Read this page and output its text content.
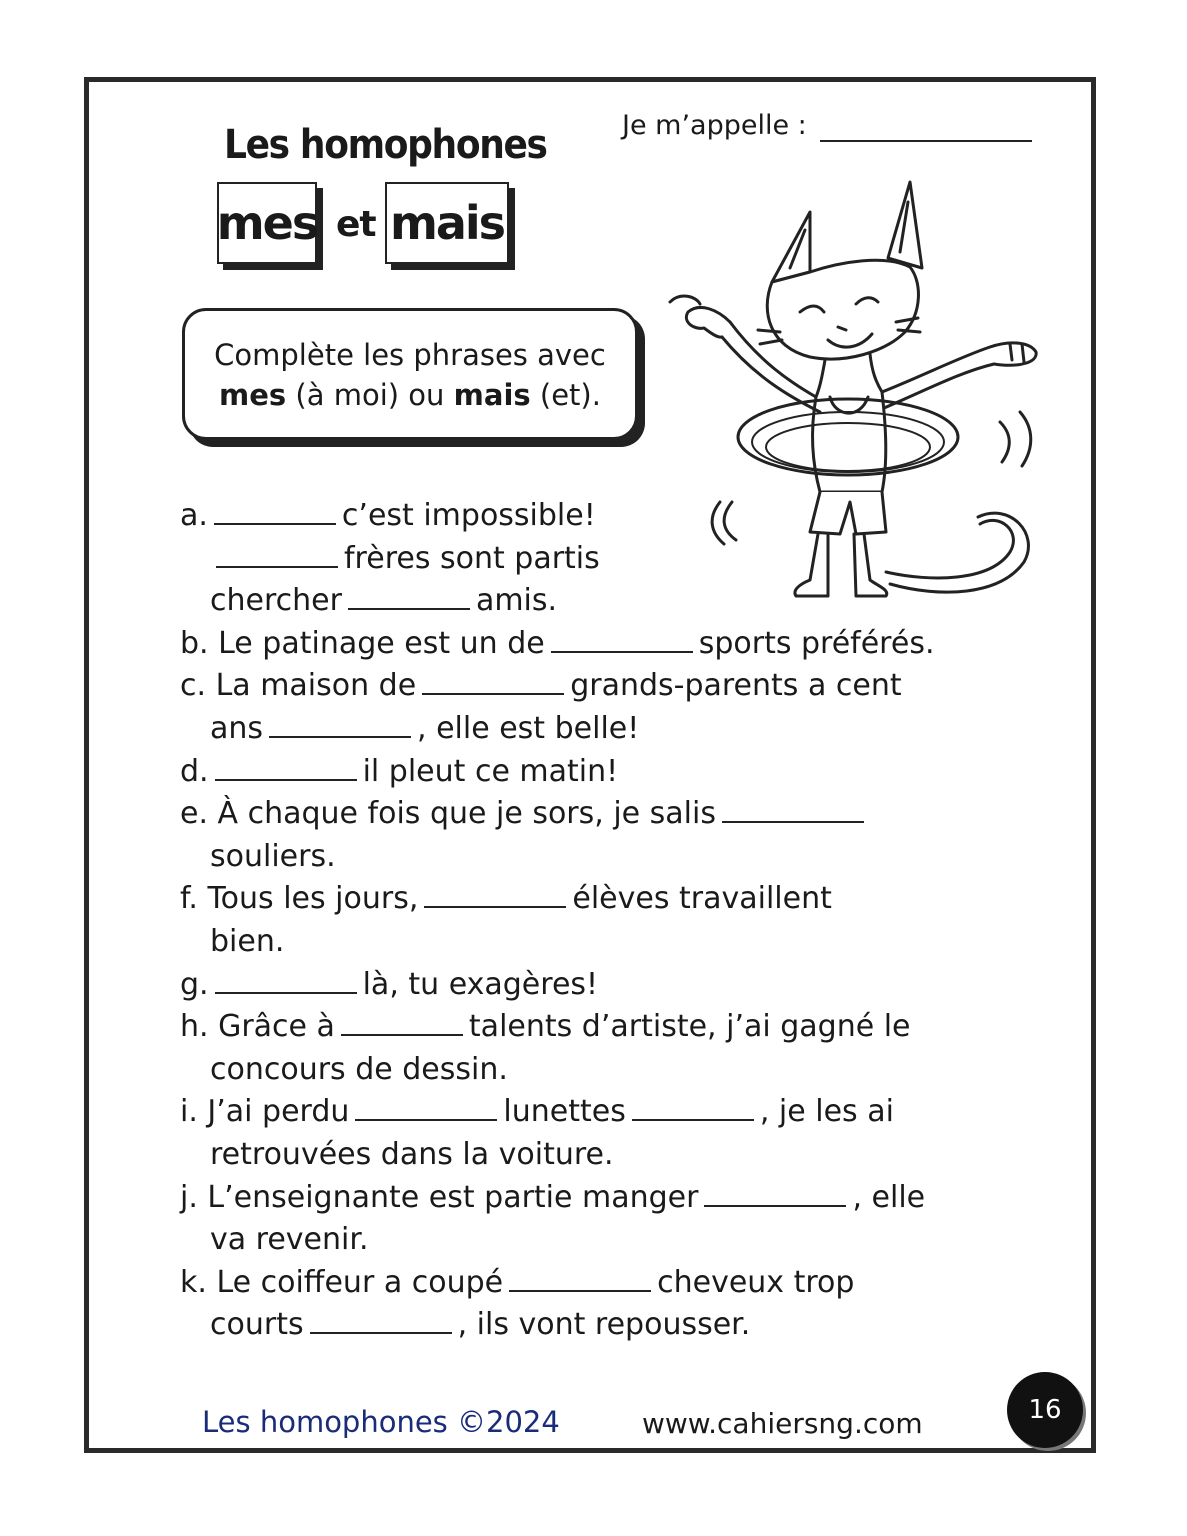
Les homophones	Je m’appelle :
mes et mais
Complète les phrases avec
mes (à moi) ou mais (et).
a.	c’est impossible!
frères sont partis
chercher	amis.
b. Le patinage est un de	sports préférés.
c. La maison de	grands-parents a cent
ans	, elle est belle!
d.	il pleut ce matin!
e. À chaque fois que je sors, je salis
souliers.
f. Tous les jours,	élèves travaillent
bien.
g.	là, tu exagères!
h. Grâce à	talents d’artiste, j’ai gagné le
concours de dessin.
i. J’ai perdu	lunettes	, je les ai
retrouvées dans la voiture.
j. L’enseignante est partie manger	, elle
va revenir.
k. Le coiffeur a coupé	cheveux trop
courts	, ils vont repousser.
Les homophones ©2024	www.cahiersng.com	16
